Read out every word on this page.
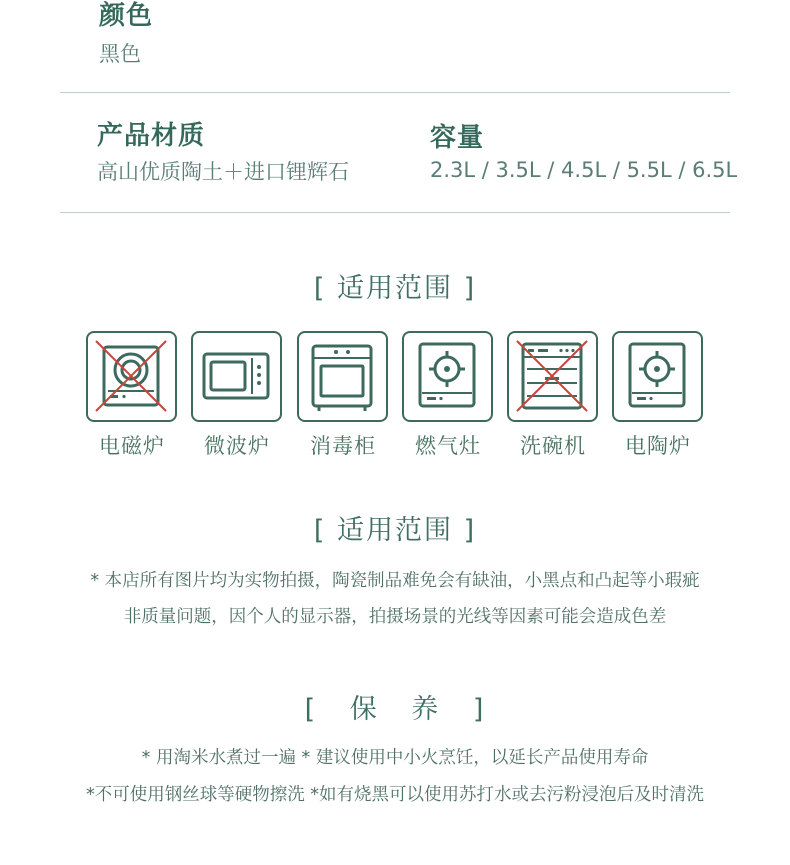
颜色
黑色
产品材质
高山优质陶土＋进口锂辉石
容量
2.3L / 3.5L / 4.5L / 5.5L / 6.5L
[ 适用范围 ]
电磁炉	微波炉	消毒柜	燃气灶	洗碗机	电陶炉
[ 适用范围 ]
* 本店所有图片均为实物拍摄，陶瓷制品难免会有缺油，小黑点和凸起等小瑕疵
非质量问题，因个人的显示器，拍摄场景的光线等因素可能会造成色差
[ 保 养 ]
* 用淘米水煮过一遍 * 建议使用中小火烹饪，以延长产品使用寿命
*不可使用钢丝球等硬物擦洗 *如有烧黑可以使用苏打水或去污粉浸泡后及时清洗
